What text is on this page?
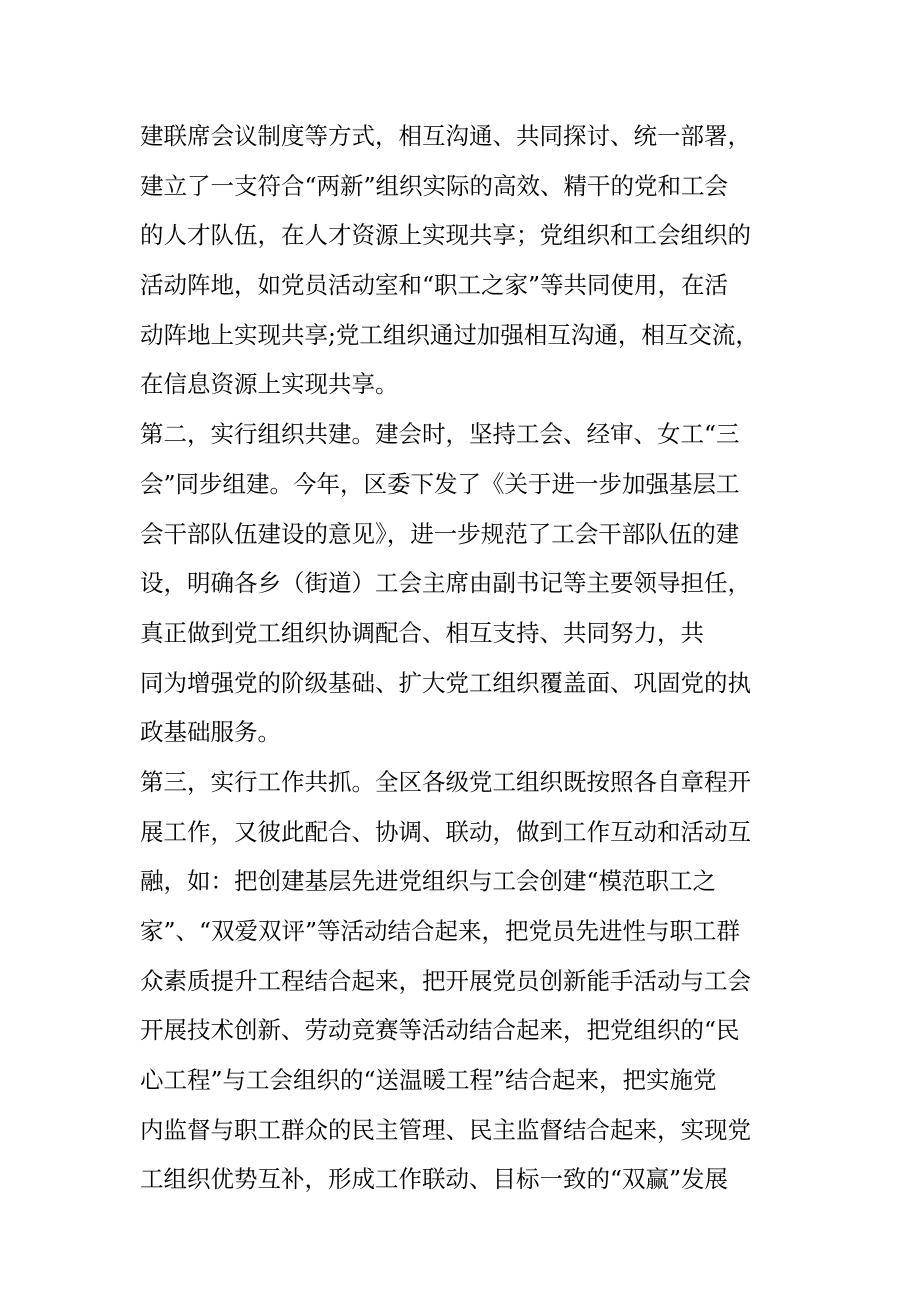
建联席会议制度等方式，相互沟通、共同探讨、统一部署，
建立了一支符合“两新”组织实际的高效、精干的党和工会
的人才队伍，在人才资源上实现共享；党组织和工会组织的
活动阵地，如党员活动室和“职工之家”等共同使用，在活
动阵地上实现共享;党工组织通过加强相互沟通，相互交流，
在信息资源上实现共享。
第二，实行组织共建。建会时，坚持工会、经审、女工“三
会”同步组建。今年，区委下发了《关于进一步加强基层工
会干部队伍建设的意见》，进一步规范了工会干部队伍的建
设，明确各乡（街道）工会主席由副书记等主要领导担任，
真正做到党工组织协调配合、相互支持、共同努力，共
同为增强党的阶级基础、扩大党工组织覆盖面、巩固党的执
政基础服务。
第三，实行工作共抓。全区各级党工组织既按照各自章程开
展工作，又彼此配合、协调、联动，做到工作互动和活动互
融，如：把创建基层先进党组织与工会创建“模范职工之
家”、“双爱双评”等活动结合起来，把党员先进性与职工群
众素质提升工程结合起来，把开展党员创新能手活动与工会
开展技术创新、劳动竞赛等活动结合起来，把党组织的“民
心工程”与工会组织的“送温暖工程”结合起来，把实施党
内监督与职工群众的民主管理、民主监督结合起来，实现党
工组织优势互补，形成工作联动、目标一致的“双赢”发展
